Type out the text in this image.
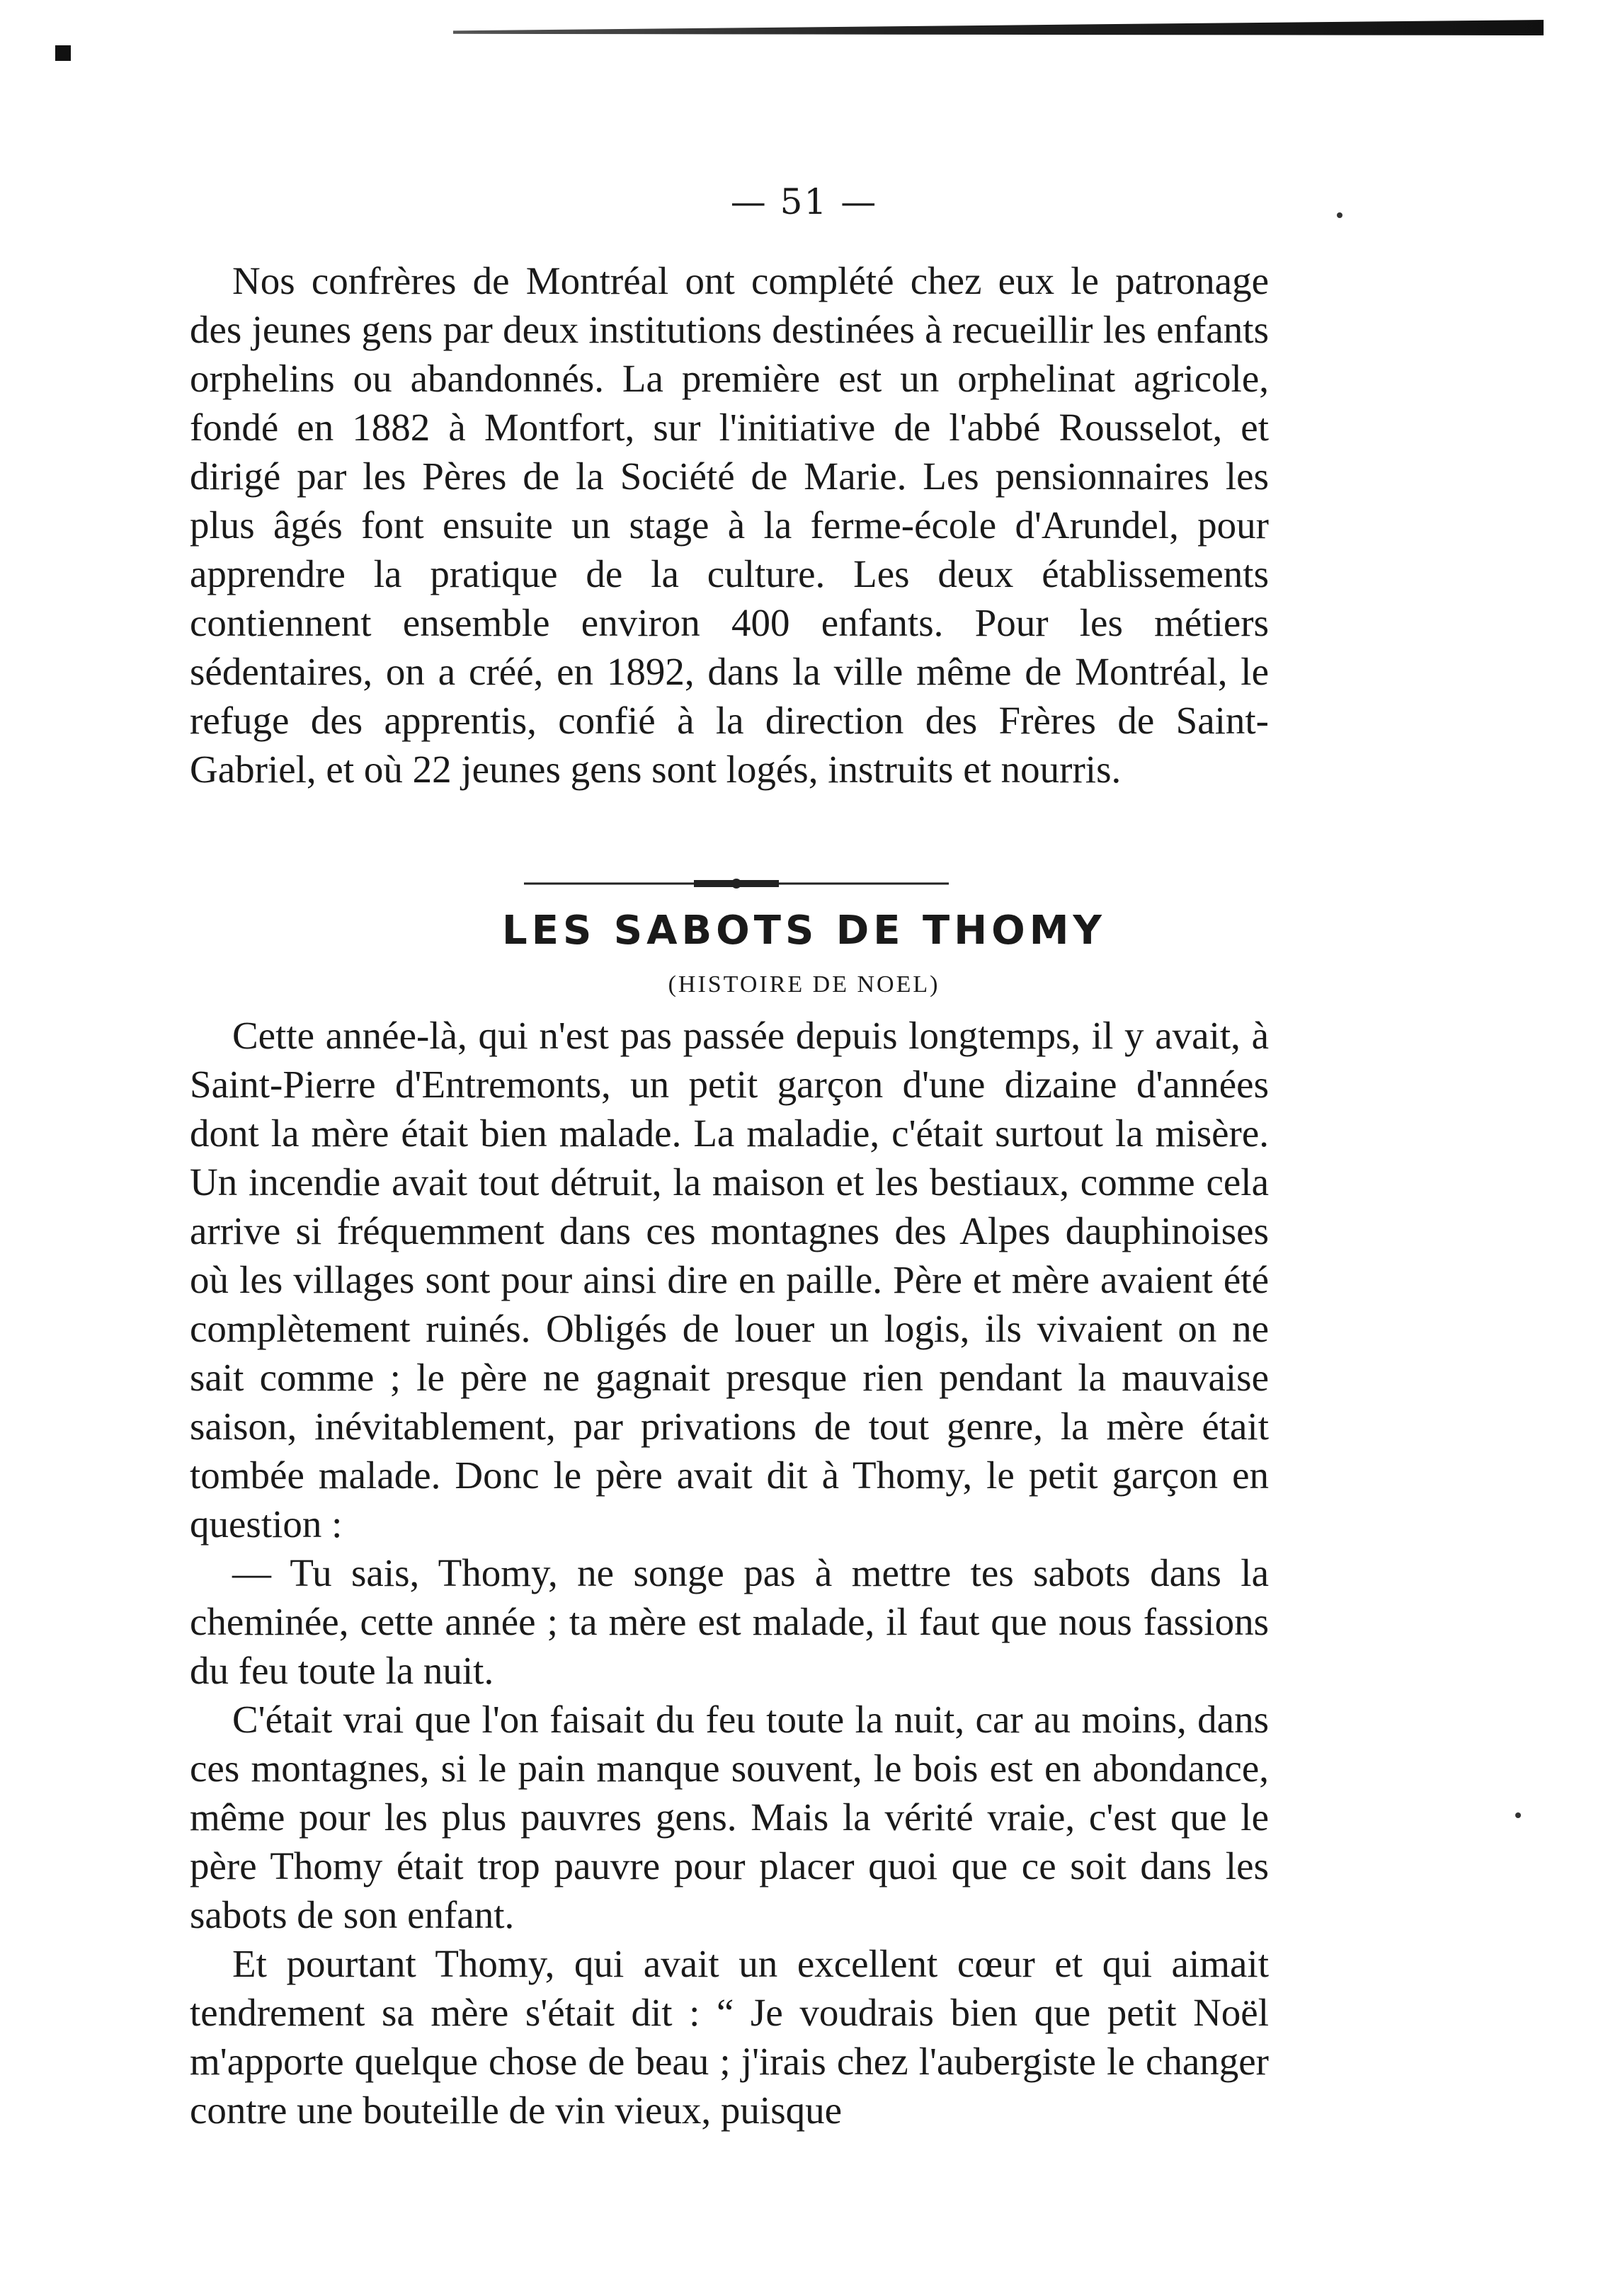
— 51 —

Nos confrères de Montréal ont complété chez eux le patronage des jeunes gens par deux institutions destinées à recueillir les enfants orphelins ou abandonnés. La première est un orphelinat agricole, fondé en 1882 à Montfort, sur l'initiative de l'abbé Rousselot, et dirigé par les Pères de la Société de Marie. Les pensionnaires les plus âgés font ensuite un stage à la ferme-école d'Arundel, pour apprendre la pratique de la culture. Les deux établissements contiennent ensemble environ 400 enfants. Pour les métiers sédentaires, on a créé, en 1892, dans la ville même de Montréal, le refuge des apprentis, confié à la direction des Frères de Saint-Gabriel, et où 22 jeunes gens sont logés, instruits et nourris.

LES SABOTS DE THOMY
(HISTOIRE DE NOEL)

Cette année-là, qui n'est pas passée depuis longtemps, il y avait, à Saint-Pierre d'Entremonts, un petit garçon d'une dizaine d'années dont la mère était bien malade. La maladie, c'était surtout la misère. Un incendie avait tout détruit, la maison et les bestiaux, comme cela arrive si fréquemment dans ces montagnes des Alpes dauphinoises où les villages sont pour ainsi dire en paille. Père et mère avaient été complètement ruinés. Obligés de louer un logis, ils vivaient on ne sait comme ; le père ne gagnait presque rien pendant la mauvaise saison, inévitablement, par privations de tout genre, la mère était tombée malade. Donc le père avait dit à Thomy, le petit garçon en question :

— Tu sais, Thomy, ne songe pas à mettre tes sabots dans la cheminée, cette année ; ta mère est malade, il faut que nous fassions du feu toute la nuit.

C'était vrai que l'on faisait du feu toute la nuit, car au moins, dans ces montagnes, si le pain manque souvent, le bois est en abondance, même pour les plus pauvres gens. Mais la vérité vraie, c'est que le père Thomy était trop pauvre pour placer quoi que ce soit dans les sabots de son enfant.

Et pourtant Thomy, qui avait un excellent cœur et qui aimait tendrement sa mère s'était dit : “ Je voudrais bien que petit Noël m'apporte quelque chose de beau ; j'irais chez l'aubergiste le changer contre une bouteille de vin vieux, puisque
